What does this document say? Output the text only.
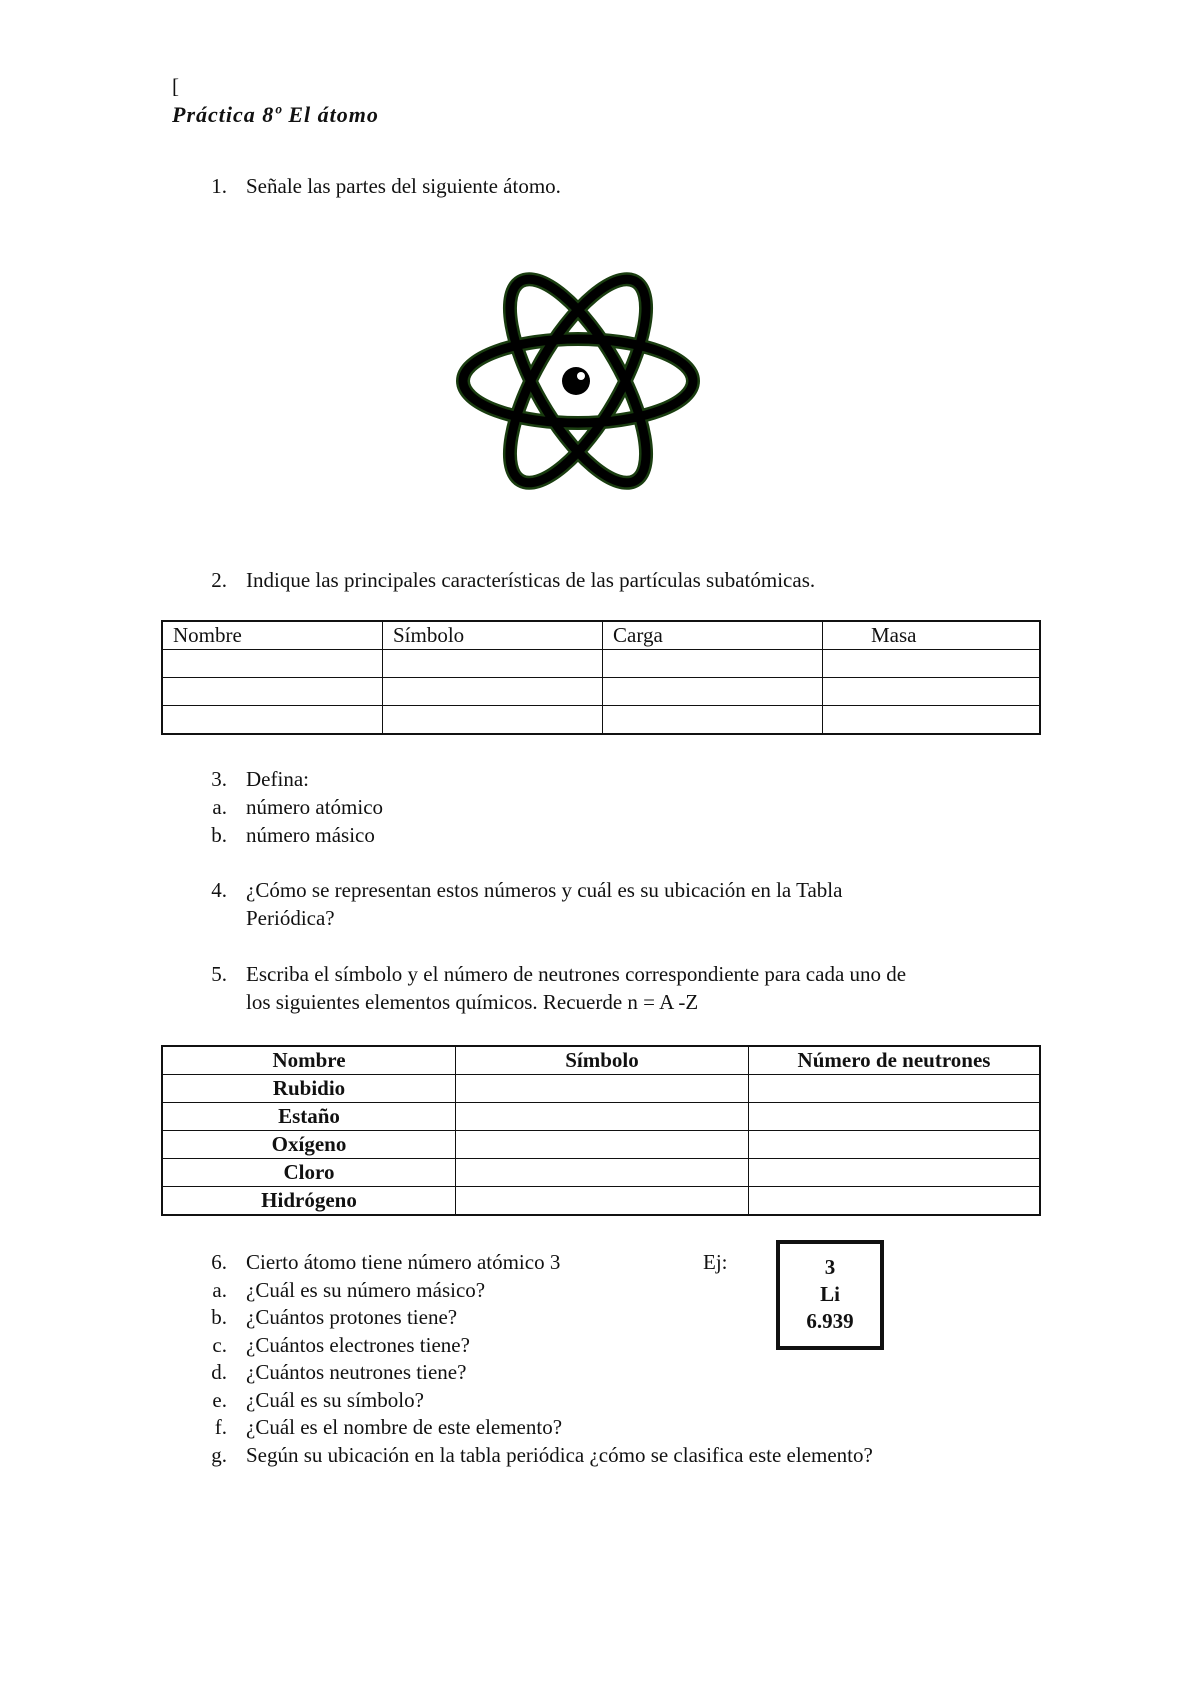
[
Práctica 8º El átomo
1. Señale las partes del siguiente átomo.
2. Indique las principales características de las partículas subatómicas.
Nombre	Símbolo	Carga	Masa

3. Defina:
a. número atómico
b. número másico
4. ¿Cómo se representan estos números y cuál es su ubicación en la Tabla
Periódica?
5. Escriba el símbolo y el número de neutrones correspondiente para cada uno de
los siguientes elementos químicos. Recuerde n = A -Z
Nombre	Símbolo	Número de neutrones
Rubidio		
Estaño		
Oxígeno		
Cloro		
Hidrógeno		
6. Cierto átomo tiene número atómico 3	Ej:	3
Li
6.939
a. ¿Cuál es su número másico?
b. ¿Cuántos protones tiene?
c. ¿Cuántos electrones tiene?
d. ¿Cuántos neutrones tiene?
e. ¿Cuál es su símbolo?
f. ¿Cuál es el nombre de este elemento?
g. Según su ubicación en la tabla periódica ¿cómo se clasifica este elemento?
